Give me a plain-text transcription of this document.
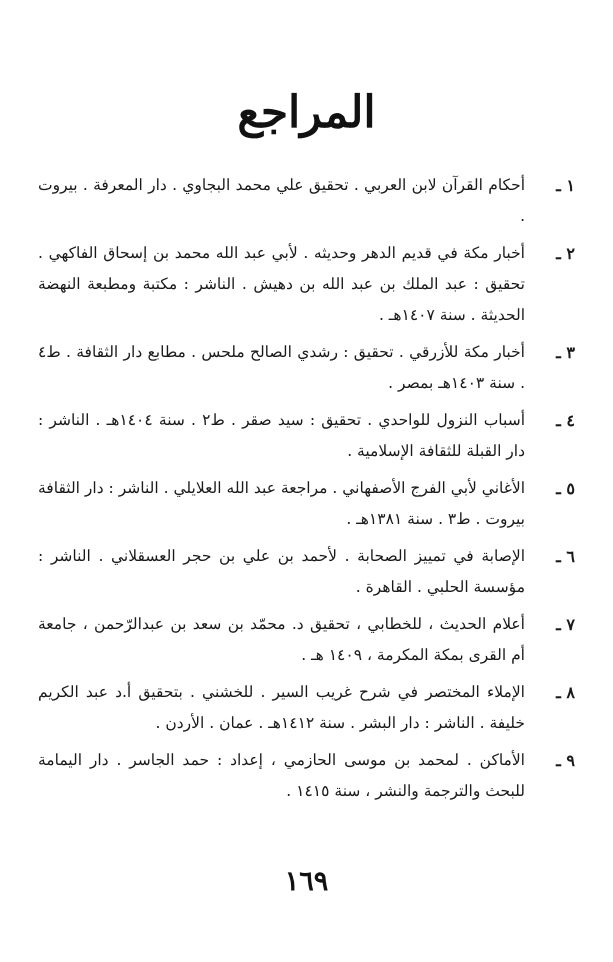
المراجع
١ ـ
أحكام القرآن لابن العربي . تحقيق علي محمد البجاوي . دار المعرفة . بيروت .
٢ ـ
أخبار مكة في قديم الدهر وحديثه . لأبي عبد الله محمد بن إسحاق الفاكهي . تحقيق : عبد الملك بن عبد الله بن دهيش . الناشر : مكتبة ومطبعة النهضة الحديثة . سنة ١٤٠٧هـ .
٣ ـ
أخبار مكة للأزرقي . تحقيق : رشدي الصالح ملحس . مطابع دار الثقافة . ط٤ . سنة ١٤٠٣هـ بمصر .
٤ ـ
أسباب النزول للواحدي . تحقيق : سيد صقر . ط٢ . سنة ١٤٠٤هـ . الناشر : دار القبلة للثقافة الإسلامية .
٥ ـ
الأغاني لأبي الفرج الأصفهاني . مراجعة عبد الله العلايلي . الناشر : دار الثقافة بيروت . ط٣ . سنة ١٣٨١هـ .
٦ ـ
الإصابة في تمييز الصحابة . لأحمد بن علي بن حجر العسقلاني . الناشر : مؤسسة الحلبي . القاهرة .
٧ ـ
أعلام الحديث ، للخطابي ، تحقيق د. محمّد بن سعد بن عبدالرّحمن ، جامعة أم القرى بمكة المكرمة ، ١٤٠٩ هـ .
٨ ـ
الإملاء المختصر في شرح غريب السير . للخشني . بتحقيق أ.د عبد الكريم خليفة . الناشر : دار البشر . سنة ١٤١٢هـ . عمان . الأردن .
٩ ـ
الأماكن . لمحمد بن موسى الحازمي ، إعداد : حمد الجاسر . دار اليمامة للبحث والترجمة والنشر ، سنة ١٤١٥ .
١٦٩
